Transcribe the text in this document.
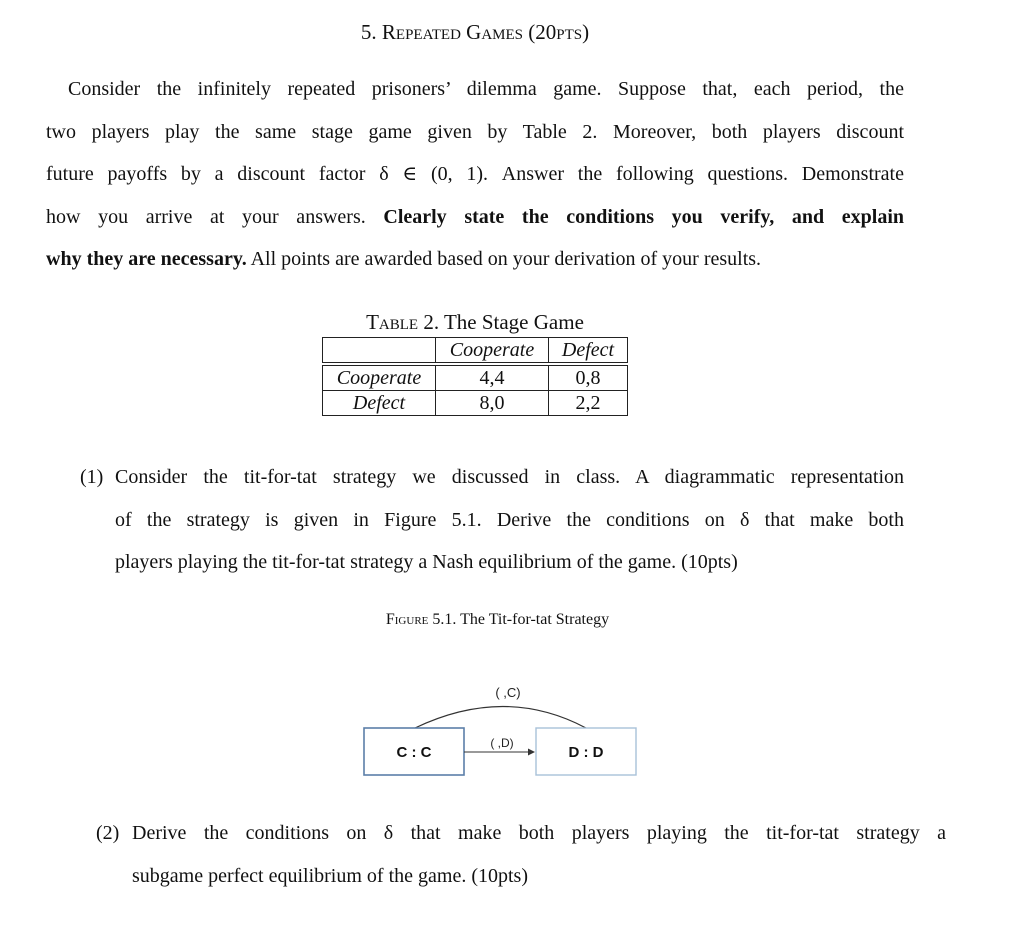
5. Repeated Games (20pts)

Consider the infinitely repeated prisoners’ dilemma game. Suppose that, each period, the

two players play the same stage game given by Table 2. Moreover, both players discount

future payoffs by a discount factor δ ∈ (0, 1). Answer the following questions. Demonstrate

how you arrive at your answers. Clearly state the conditions you verify, and explain

why they are necessary. All points are awarded based on your derivation of your results.

Table 2. The Stage Game
	Cooperate	Defect

Cooperate	4,4	0,8
Defect	8,0	2,2
(1) Consider the tit-for-tat strategy we discussed in class. A diagrammatic representation

of the strategy is given in Figure 5.1. Derive the conditions on δ that make both

players playing the tit-for-tat strategy a Nash equilibrium of the game. (10pts)

Figure 5.1. The Tit-for-tat Strategy
( ,C)
C : C	D : D
( ,D)
(2) Derive the conditions on δ that make both players playing the tit-for-tat strategy a

subgame perfect equilibrium of the game. (10pts)
